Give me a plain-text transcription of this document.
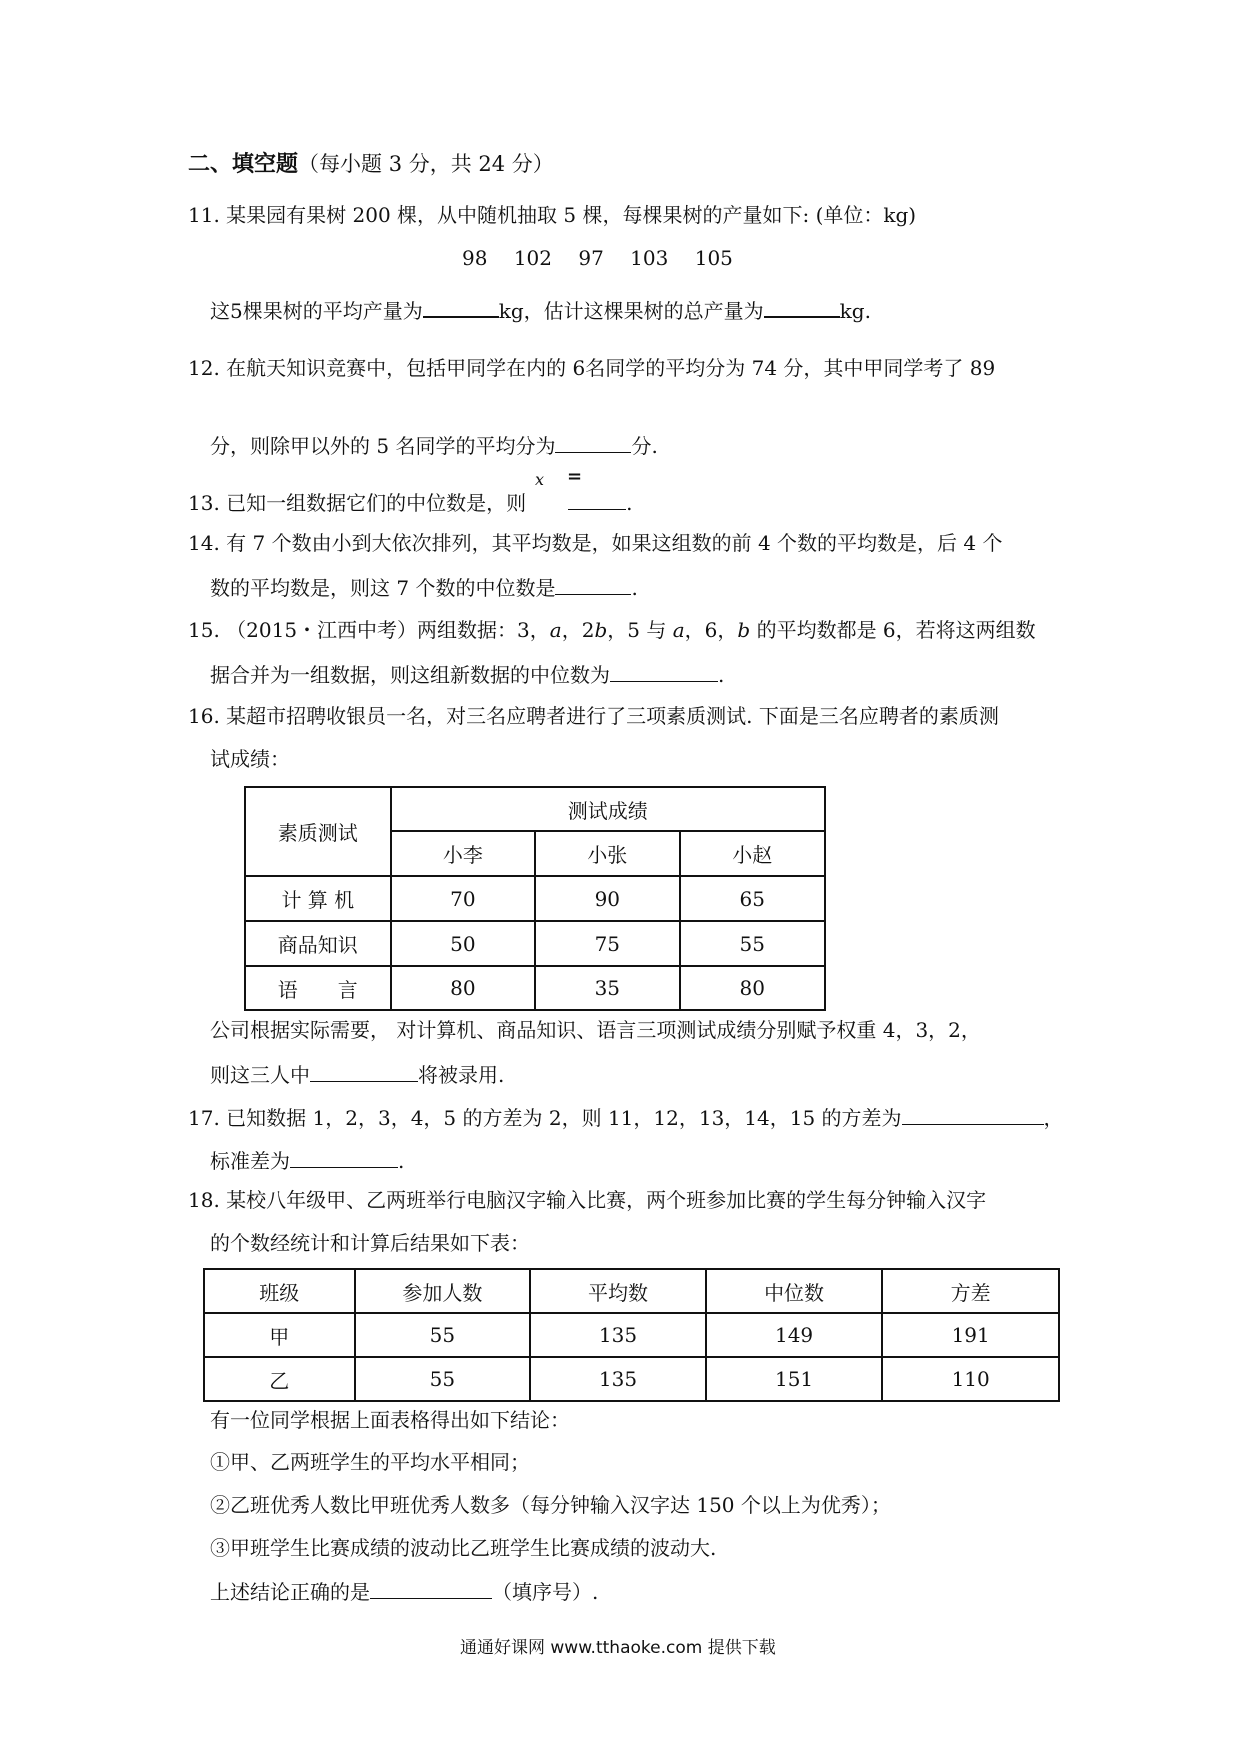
二、填空题（每小题 3 分，共 24 分）
11. 某果园有果树 200 棵，从中随机抽取 5 棵，每棵果树的产量如下: (单位：kg)
98 102 97 103 105
这5棵果树的平均产量为	kg，估计这棵果树的总产量为	kg.
12. 在航天知识竞赛中，包括甲同学在内的 6名同学的平均分为 74 分，其中甲同学考了 89
分，则除甲以外的 5 名同学的平均分为	分.
x =
13. 已知一组数据它们的中位数是，则	.
14. 有 7 个数由小到大依次排列，其平均数是，如果这组数的前 4 个数的平均数是，后 4 个
数的平均数是，则这 7 个数的中位数是	.
15. （2015・江西中考）两组数据：3，a，2b，5 与 a，6，b 的平均数都是 6，若将这两组数
据合并为一组数据，则这组新数据的中位数为	.
16. 某超市招聘收银员一名，对三名应聘者进行了三项素质测试. 下面是三名应聘者的素质测
试成绩：
素质测试	测试成绩		
	小李	小张	小赵
计 算 机	70	90	65
商品知识	50	75	55
语　　言	80	35	80
公司根据实际需要， 对计算机、商品知识、语言三项测试成绩分别赋予权重 4，3，2，
则这三人中	将被录用.
17. 已知数据 1，2，3，4，5 的方差为 2，则 11，12，13，14，15 的方差为	，
标准差为	.
18. 某校八年级甲、乙两班举行电脑汉字输入比赛，两个班参加比赛的学生每分钟输入汉字
的个数经统计和计算后结果如下表：
班级	参加人数	平均数	中位数	方差
甲	55	135	149	191
乙	55	135	151	110
有一位同学根据上面表格得出如下结论：
①甲、乙两班学生的平均水平相同；
②乙班优秀人数比甲班优秀人数多（每分钟输入汉字达 150 个以上为优秀）；
③甲班学生比赛成绩的波动比乙班学生比赛成绩的波动大.
上述结论正确的是	（填序号）.
通通好课网 www.tthaoke.com 提供下载
